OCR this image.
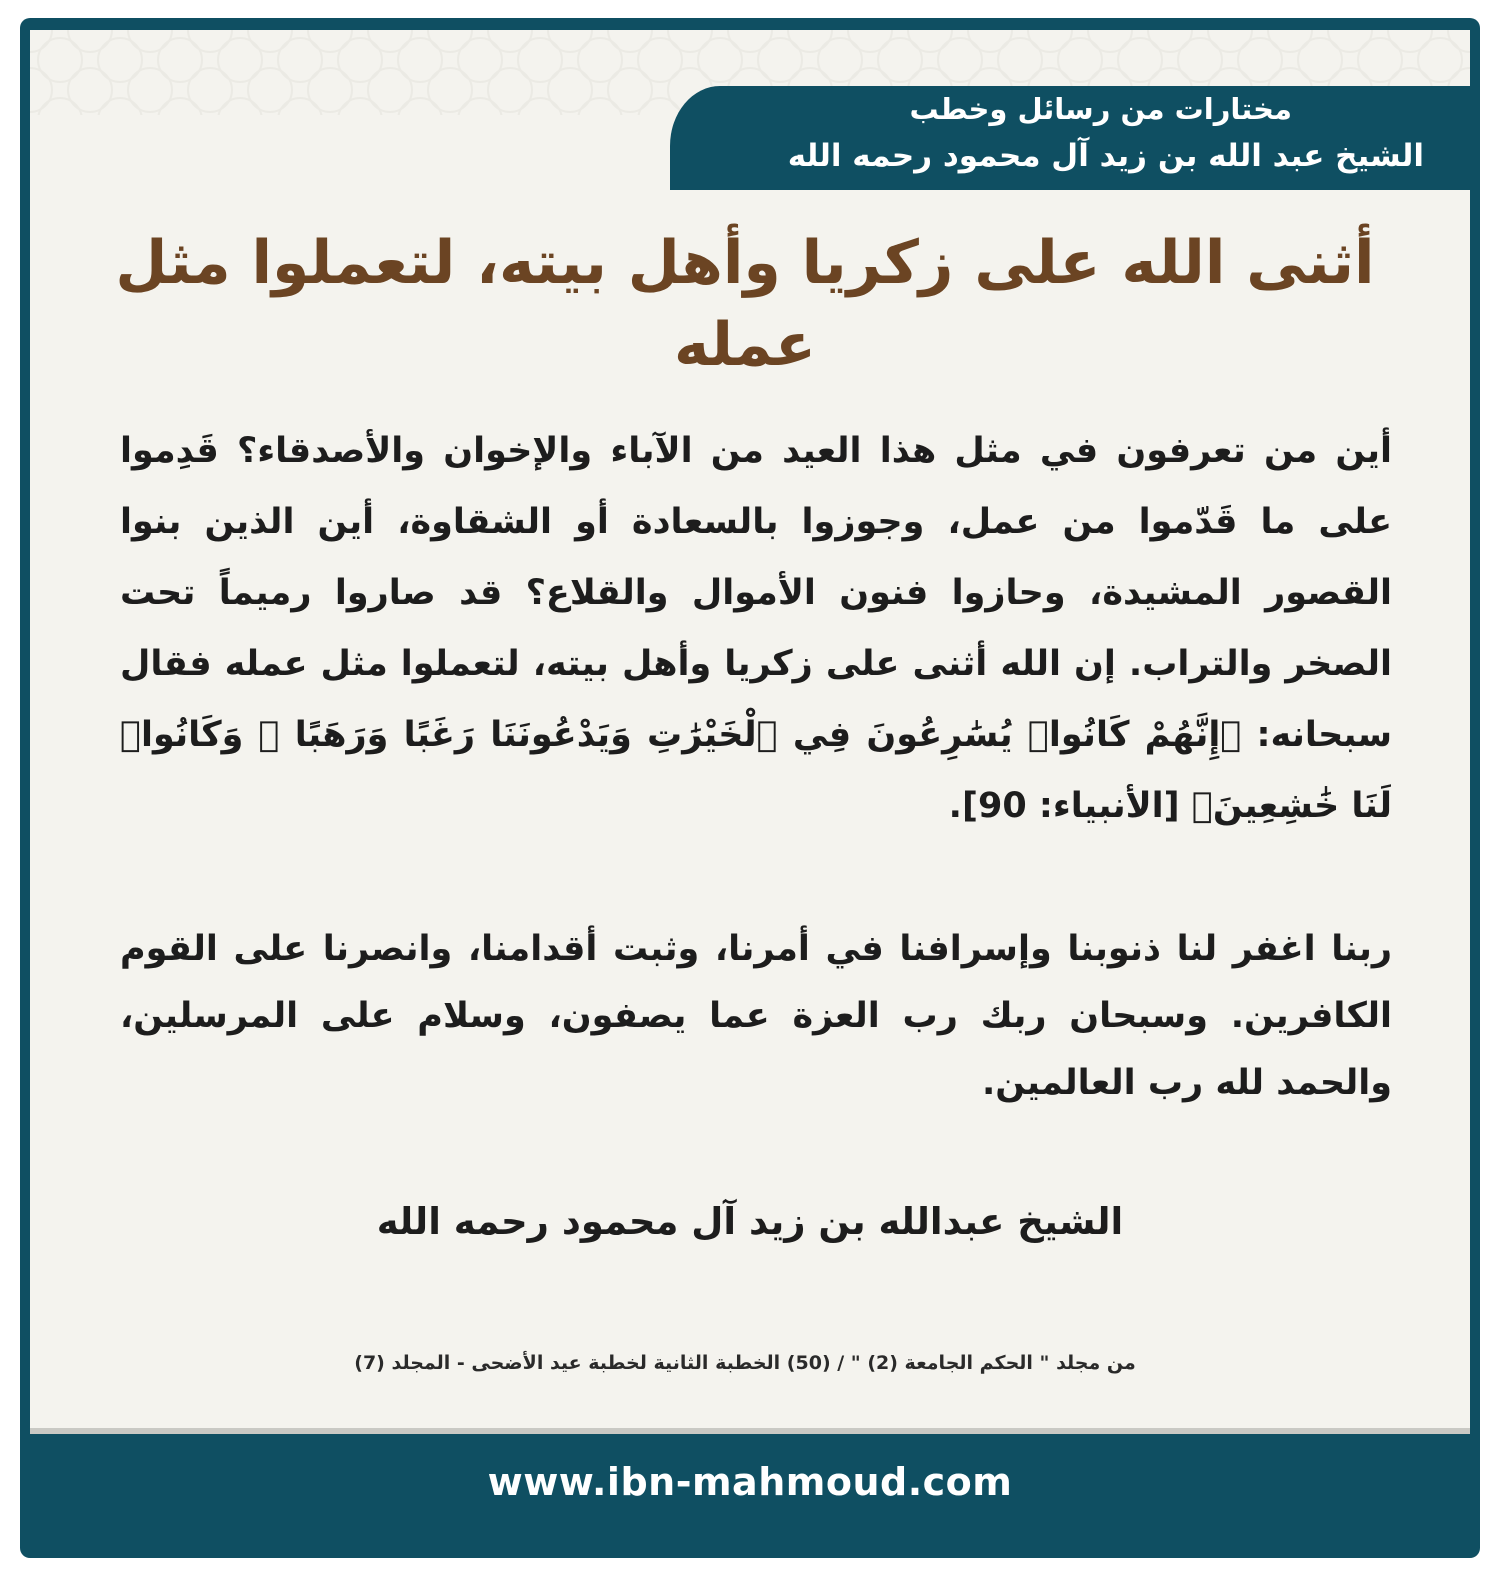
مختارات من رسائل وخطب
الشيخ عبد الله بن زيد آل محمود رحمه الله
أثنى الله على زكريا وأهل بيته، لتعملوا مثل عمله
أين من تعرفون في مثل هذا العيد من الآباء والإخوان والأصدقاء؟ قَدِموا على ما قَدّموا من عمل، وجوزوا بالسعادة أو الشقاوة، أين الذين بنوا القصور المشيدة، وحازوا فنون الأموال والقلاع؟ قد صاروا رميماً تحت الصخر والتراب. إن الله أثنى على زكريا وأهل بيته، لتعملوا مثل عمله فقال سبحانه: ﴿إِنَّهُمْ كَانُوا۟ يُسَٰرِعُونَ فِي ٱلْخَيْرَٰتِ وَيَدْعُونَنَا رَغَبًا وَرَهَبًا ۖ وَكَانُوا۟ لَنَا خَٰشِعِينَ﴾ [الأنبياء: 90].
ربنا اغفر لنا ذنوبنا وإسرافنا في أمرنا، وثبت أقدامنا، وانصرنا على القوم الكافرين. وسبحان ربك رب العزة عما يصفون، وسلام على المرسلين، والحمد لله رب العالمين.
الشيخ عبدالله بن زيد آل محمود رحمه الله
من مجلد " الحكم الجامعة (2) " / (50) الخطبة الثانية لخطبة عيد الأضحى - المجلد (7)
www.ibn-mahmoud.com
